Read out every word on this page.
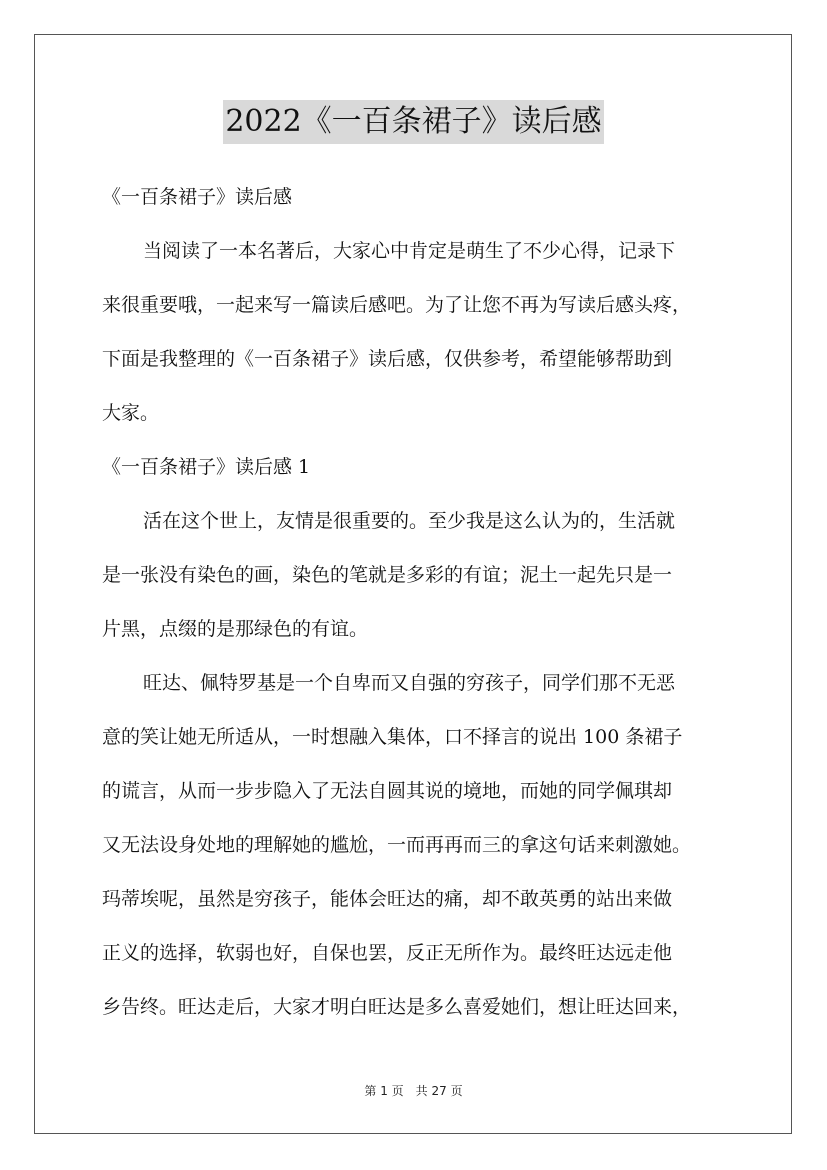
2022《一百条裙子》读后感
《一百条裙子》读后感
当阅读了一本名著后，大家心中肯定是萌生了不少心得，记录下
来很重要哦，一起来写一篇读后感吧。为了让您不再为写读后感头疼，
下面是我整理的《一百条裙子》读后感，仅供参考，希望能够帮助到
大家。
《一百条裙子》读后感 1
活在这个世上，友情是很重要的。至少我是这么认为的，生活就
是一张没有染色的画，染色的笔就是多彩的有谊；泥土一起先只是一
片黑，点缀的是那绿色的有谊。
旺达、佩特罗基是一个自卑而又自强的穷孩子，同学们那不无恶
意的笑让她无所适从，一时想融入集体，口不择言的说出 100 条裙子
的谎言，从而一步步隐入了无法自圆其说的境地，而她的同学佩琪却
又无法设身处地的理解她的尴尬，一而再再而三的拿这句话来刺激她。
玛蒂埃呢，虽然是穷孩子，能体会旺达的痛，却不敢英勇的站出来做
正义的选择，软弱也好，自保也罢，反正无所作为。最终旺达远走他
乡告终。旺达走后，大家才明白旺达是多么喜爱她们，想让旺达回来，
第 1 页　共 27 页
